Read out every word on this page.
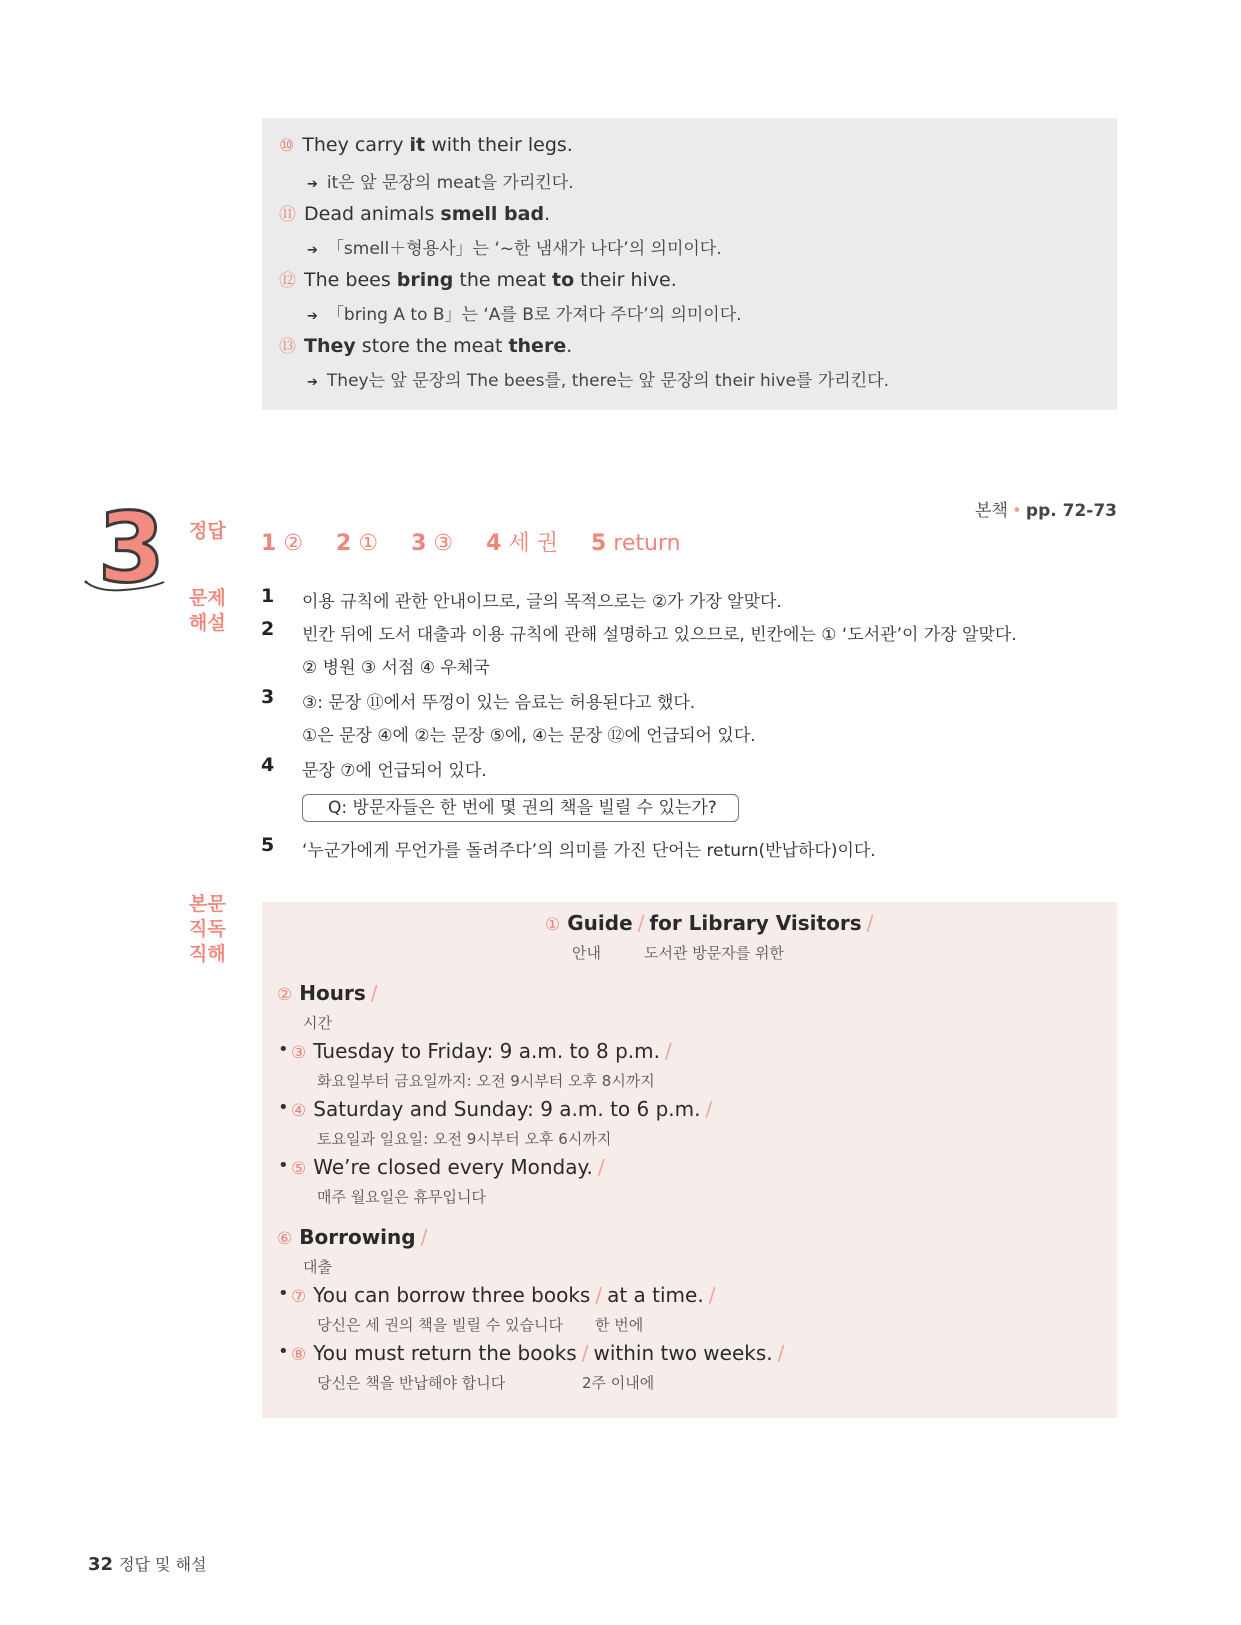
⑩ They carry it with their legs.
➔ it은 앞 문장의 meat을 가리킨다.
⑪ Dead animals smell bad.
➔ 「smell＋형용사」는 ‘~한 냄새가 나다’의 의미이다.
⑫ The bees bring the meat to their hive.
➔ 「bring A to B」는 ‘A를 B로 가져다 주다’의 의미이다.
⑬ They store the meat there.
➔ They는 앞 문장의 The bees를, there는 앞 문장의 their hive를 가리킨다.
본책 • pp. 72-73
3 정답
문제
해설
본문
직독
직해
1 ② 2 ① 3 ③ 4 세 권 5 return
1 이용 규칙에 관한 안내이므로, 글의 목적으로는 ②가 가장 알맞다.
2 빈칸 뒤에 도서 대출과 이용 규칙에 관해 설명하고 있으므로, 빈칸에는 ① ‘도서관’이 가장 알맞다.
② 병원 ③ 서점 ④ 우체국
3 ③: 문장 ⑪에서 뚜껑이 있는 음료는 허용된다고 했다.
①은 문장 ④에 ②는 문장 ⑤에, ④는 문장 ⑫에 언급되어 있다.
4 문장 ⑦에 언급되어 있다.
Q: 방문자들은 한 번에 몇 권의 책을 빌릴 수 있는가?
5 ‘누군가에게 무언가를 돌려주다’의 의미를 가진 단어는 return(반납하다)이다.
① Guide / for Library Visitors /
안내	도서관 방문자를 위한
② Hours /
시간
• ③ Tuesday to Friday: 9 a.m. to 8 p.m. /
화요일부터 금요일까지: 오전 9시부터 오후 8시까지
• ④ Saturday and Sunday: 9 a.m. to 6 p.m. /
토요일과 일요일: 오전 9시부터 오후 6시까지
• ⑤ We’re closed every Monday. /
매주 월요일은 휴무입니다
⑥ Borrowing /
대출
• ⑦ You can borrow three books / at a time. /
당신은 세 권의 책을 빌릴 수 있습니다 한 번에
• ⑧ You must return the books / within two weeks. /
당신은 책을 반납해야 합니다	2주 이내에
32 정답 및 해설
